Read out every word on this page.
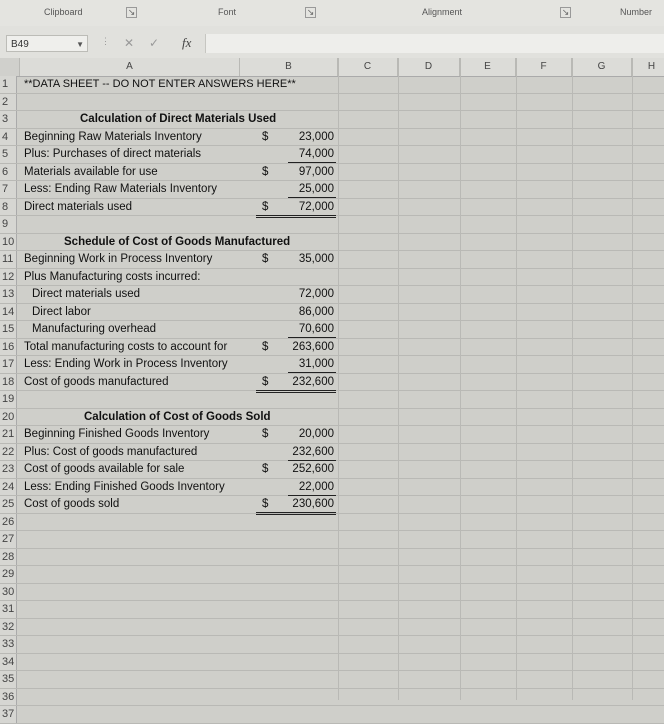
Clipboard	↘	Font	↘	Alignment	↘	Number
B49	▼ ⋮ ✕ ✓ fx
A	B	C	D	E	F	G	H
1	**DATA SHEET -- DO NOT ENTER ANSWERS HERE**
2
3	Calculation of Direct Materials Used
4	Beginning Raw Materials Inventory	$	23,000
5	Plus: Purchases of direct materials	74,000
6	Materials available for use	$	97,000
7	Less: Ending Raw Materials Inventory	25,000
8	Direct materials used	$	72,000
9
10	Schedule of Cost of Goods Manufactured
11 Beginning Work in Process Inventory	$	35,000
12 Plus Manufacturing costs incurred:
13 Direct materials used	72,000
14 Direct labor	86,000
15 Manufacturing overhead	70,600
16 Total manufacturing costs to account for	$	263,600
17 Less: Ending Work in Process Inventory	31,000
18 Cost of goods manufactured	$	232,600
19
20	Calculation of Cost of Goods Sold
21 Beginning Finished Goods Inventory	$	20,000
22 Plus: Cost of goods manufactured	232,600
23 Cost of goods available for sale	$	252,600
24 Less: Ending Finished Goods Inventory	22,000
25 Cost of goods sold	$	230,600
26
27
28
29
30
31
32
33
34
35
36
37
